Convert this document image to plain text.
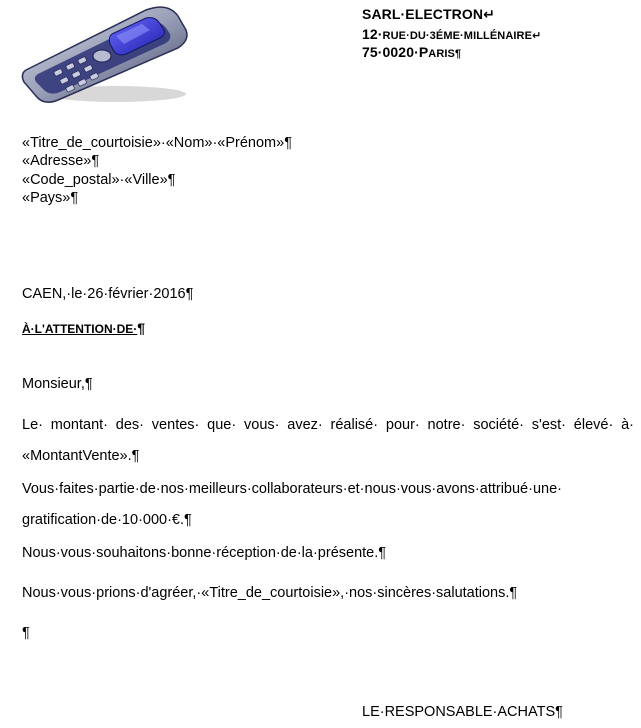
SARL·ELECTRON↵
12·RUE·DU·3ÉME·MILLÉNAIRE↵
75·0020·PARIS¶
«Titre_de_courtoisie»·«Nom»·«Prénom»¶
«Adresse»¶
«Code_postal»·«Ville»¶
«Pays»¶
CAEN,·le·26·février·2016¶
À·L'ATTENTION·DE·¶
Monsieur,¶
Le· montant· des· ventes· que· vous· avez· réalisé· pour· notre· société· s'est· élevé· à· «MontantVente».¶
Vous·faites·partie·de·nos·meilleurs·collaborateurs·et·nous·vous·avons·attribué·une· gratification·de·10·000·€.¶
Nous·vous·souhaitons·bonne·réception·de·la·présente.¶
Nous·vous·prions·d'agréer,·«Titre_de_courtoisie»,·nos·sincères·salutations.¶
¶
LE·RESPONSABLE·ACHATS¶
